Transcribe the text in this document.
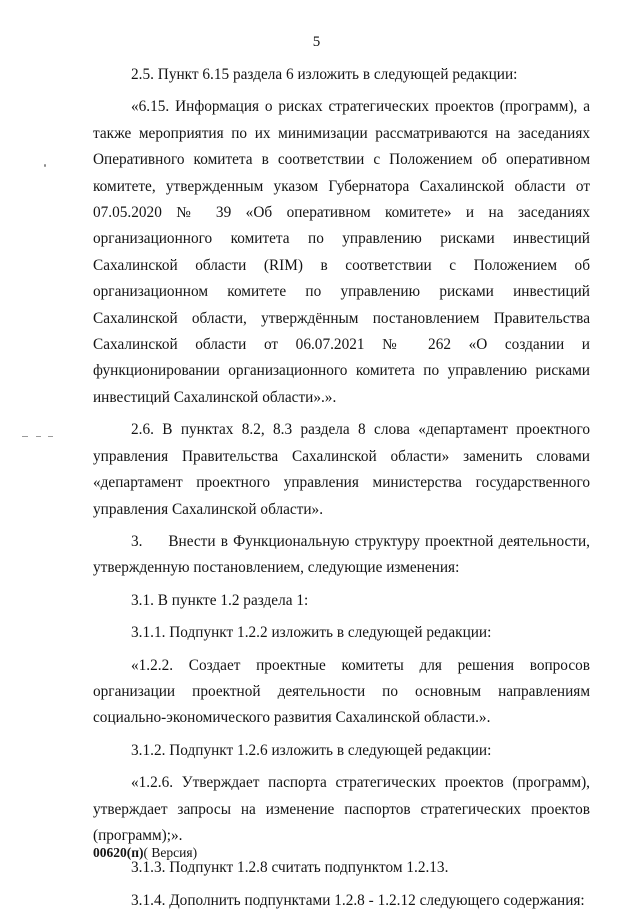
5

2.5. Пункт 6.15 раздела 6 изложить в следующей редакции:

«6.15. Информация о рисках стратегических проектов (программ), а также мероприятия по их минимизации рассматриваются на заседаниях Оперативного комитета в соответствии с Положением об оперативном комитете, утвержденным указом Губернатора Сахалинской области от 07.05.2020 № 39 «Об оперативном комитете» и на заседаниях организационного комитета по управлению рисками инвестиций Сахалинской области (RIM) в соответствии с Положением об организационном комитете по управлению рисками инвестиций Сахалинской области, утверждённым постановлением Правительства Сахалинской области от 06.07.2021 № 262 «О создании и функционировании организационного комитета по управлению рисками инвестиций Сахалинской области».».

2.6. В пунктах 8.2, 8.3 раздела 8 слова «департамент проектного управления Правительства Сахалинской области» заменить словами «департамент проектного управления министерства государственного управления Сахалинской области».

3.     Внести в Функциональную структуру проектной деятельности, утвержденную постановлением, следующие изменения:

3.1. В пункте 1.2 раздела 1:

3.1.1. Подпункт 1.2.2 изложить в следующей редакции:

«1.2.2. Создает проектные комитеты для решения вопросов организации проектной деятельности по основным направлениям социально-экономического развития Сахалинской области.».

3.1.2. Подпункт 1.2.6 изложить в следующей редакции:

«1.2.6. Утверждает паспорта стратегических проектов (программ), утверждает запросы на изменение паспортов стратегических проектов (программ);».

3.1.3. Подпункт 1.2.8 считать подпунктом 1.2.13.

3.1.4. Дополнить подпунктами 1.2.8 - 1.2.12 следующего содержания:

00620(п)( Версия)
